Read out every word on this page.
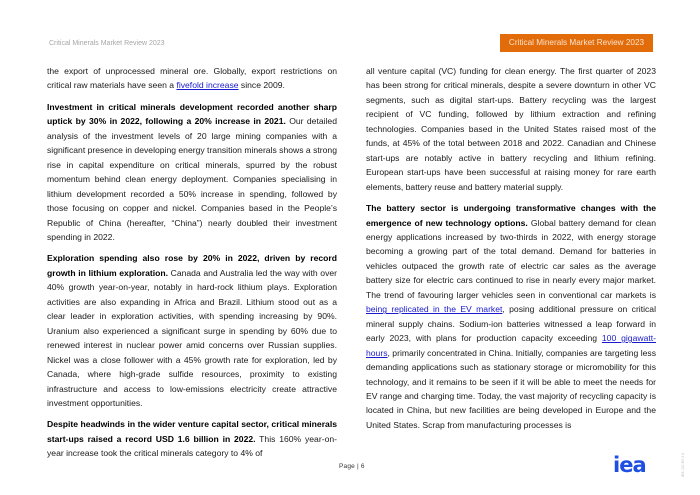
Critical Minerals Market Review 2023	Critical Minerals Market Review 2023

the export of unprocessed mineral ore. Globally, export restrictions on critical raw materials have seen a fivefold increase since 2009.

Investment in critical minerals development recorded another sharp uptick by 30% in 2022, following a 20% increase in 2021. Our detailed analysis of the investment levels of 20 large mining companies with a significant presence in developing energy transition minerals shows a strong rise in capital expenditure on critical minerals, spurred by the robust momentum behind clean energy deployment. Companies specialising in lithium development recorded a 50% increase in spending, followed by those focusing on copper and nickel. Companies based in the People’s Republic of China (hereafter, “China”) nearly doubled their investment spending in 2022.

Exploration spending also rose by 20% in 2022, driven by record growth in lithium exploration. Canada and Australia led the way with over 40% growth year-on-year, notably in hard-rock lithium plays. Exploration activities are also expanding in Africa and Brazil. Lithium stood out as a clear leader in exploration activities, with spending increasing by 90%. Uranium also experienced a significant surge in spending by 60% due to renewed interest in nuclear power amid concerns over Russian supplies. Nickel was a close follower with a 45% growth rate for exploration, led by Canada, where high-grade sulfide resources, proximity to existing infrastructure and access to low-emissions electricity create attractive investment opportunities.

Despite headwinds in the wider venture capital sector, critical minerals start-ups raised a record USD 1.6 billion in 2022. This 160% year-on-year increase took the critical minerals category to 4% of

all venture capital (VC) funding for clean energy. The first quarter of 2023 has been strong for critical minerals, despite a severe downturn in other VC segments, such as digital start-ups. Battery recycling was the largest recipient of VC funding, followed by lithium extraction and refining technologies. Companies based in the United States raised most of the funds, at 45% of the total between 2018 and 2022. Canadian and Chinese start-ups are notably active in battery recycling and lithium refining. European start-ups have been successful at raising money for rare earth elements, battery reuse and battery material supply.

The battery sector is undergoing transformative changes with the emergence of new technology options. Global battery demand for clean energy applications increased by two-thirds in 2022, with energy storage becoming a growing part of the total demand. Demand for batteries in vehicles outpaced the growth rate of electric car sales as the average battery size for electric cars continued to rise in nearly every major market. The trend of favouring larger vehicles seen in conventional car markets is being replicated in the EV market, posing additional pressure on critical mineral supply chains. Sodium-ion batteries witnessed a leap forward in early 2023, with plans for production capacity exceeding 100 gigawatt-hours, primarily concentrated in China. Initially, companies are targeting less demanding applications such as stationary storage or micromobility for this technology, and it remains to be seen if it will be able to meet the needs for EV range and charging time. Today, the vast majority of recycling capacity is located in China, but new facilities are being developed in Europe and the United States. Scrap from manufacturing processes is

Page | 6	iea	IEA. CC BY 4.0.
